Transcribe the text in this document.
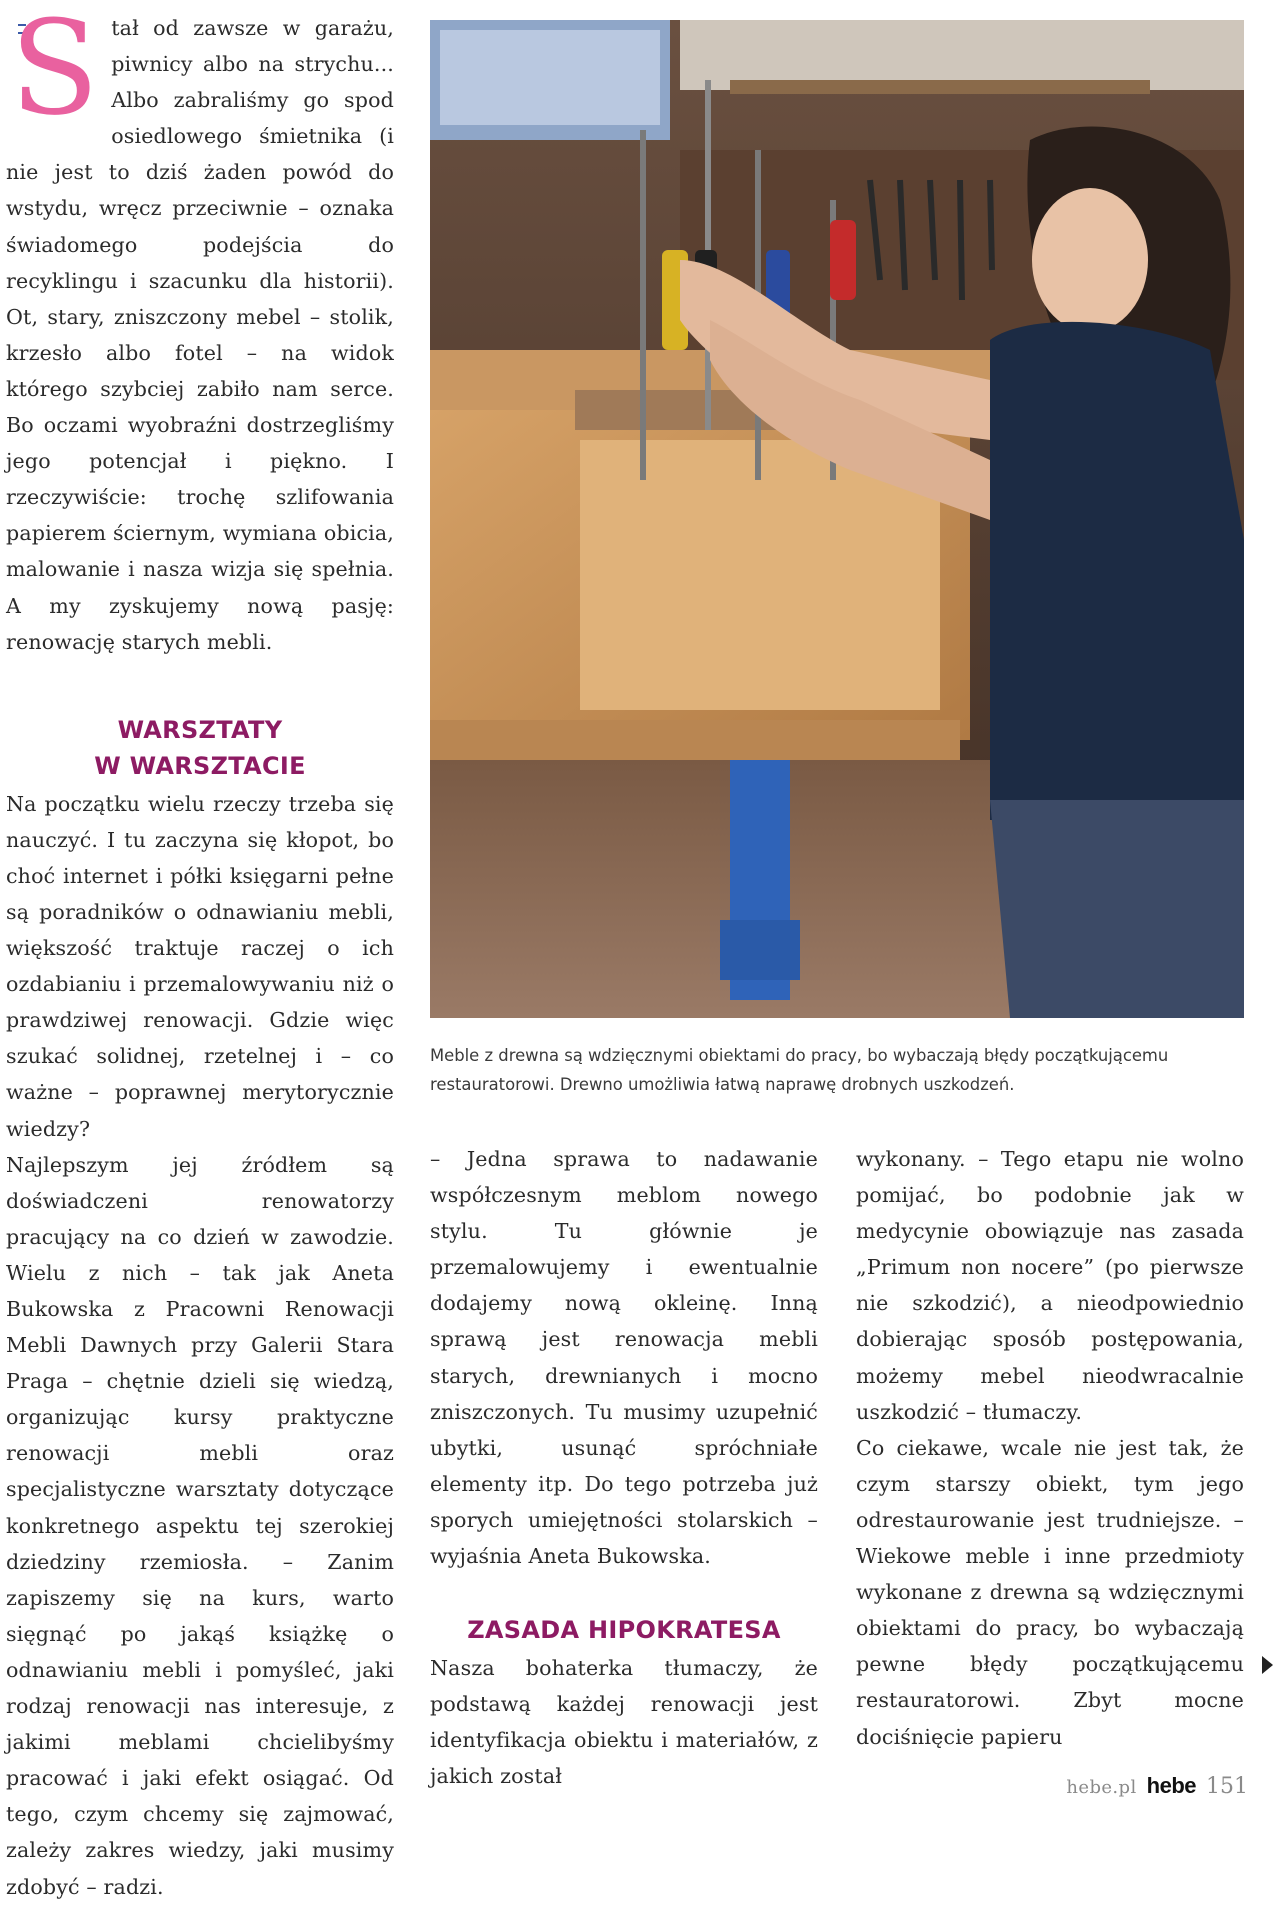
Stał od zawsze w garażu, piwnicy albo na strychu... Albo zabraliśmy go spod osiedlowego śmietnika (i nie jest to dziś żaden powód do wstydu, wręcz przeciwnie – oznaka świadomego podejścia do recyklingu i szacunku dla historii). Ot, stary, zniszczony mebel – stolik, krzesło albo fotel – na widok którego szybciej zabiło nam serce. Bo oczami wyobraźni dostrzegliśmy jego potencjał i piękno. I rzeczywiście: trochę szlifowania papierem ściernym, wymiana obicia, malowanie i nasza wizja się spełnia. A my zyskujemy nową pasję: renowację starych mebli.

WARSZTATY
W WARSZTACIE

Na początku wielu rzeczy trzeba się nauczyć. I tu zaczyna się kłopot, bo choć internet i półki księgarni pełne są poradników o odnawianiu mebli, większość traktuje raczej o ich ozdabianiu i przemalowywaniu niż o prawdziwej renowacji. Gdzie więc szukać solidnej, rzetelnej i – co ważne – poprawnej merytorycznie wiedzy?

Najlepszym jej źródłem są doświadczeni renowatorzy pracujący na co dzień w zawodzie. Wielu z nich – tak jak Aneta Bukowska z Pracowni Renowacji Mebli Dawnych przy Galerii Stara Praga – chętnie dzieli się wiedzą, organizując kursy praktyczne renowacji mebli oraz specjalistyczne warsztaty dotyczące konkretnego aspektu tej szerokiej dziedziny rzemiosła. – Zanim zapiszemy się na kurs, warto sięgnąć po jakąś książkę o odnawianiu mebli i pomyśleć, jaki rodzaj renowacji nas interesuje, z jakimi meblami chcielibyśmy pracować i jaki efekt osiągać. Od tego, czym chcemy się zajmować, zależy zakres wiedzy, jaki musimy zdobyć – radzi.

Meble z drewna są wdzięcznymi obiektami do pracy, bo wybaczają błędy początkującemu restauratorowi. Drewno umożliwia łatwą naprawę drobnych uszkodzeń.

– Jedna sprawa to nadawanie współczesnym meblom nowego stylu. Tu głównie je przemalowujemy i ewentualnie dodajemy nową okleinę. Inną sprawą jest renowacja mebli starych, drewnianych i mocno zniszczonych. Tu musimy uzupełnić ubytki, usunąć spróchniałe elementy itp. Do tego potrzeba już sporych umiejętności stolarskich – wyjaśnia Aneta Bukowska.

ZASADA HIPOKRATESA

Nasza bohaterka tłumaczy, że podstawą każdej renowacji jest identyfikacja obiektu i materiałów, z jakich został

wykonany. – Tego etapu nie wolno pomijać, bo podobnie jak w medycynie obowiązuje nas zasada „Primum non nocere” (po pierwsze nie szkodzić), a nieodpowiednio dobierając sposób postępowania, możemy mebel nieodwracalnie uszkodzić – tłumaczy.

Co ciekawe, wcale nie jest tak, że czym starszy obiekt, tym jego odrestaurowanie jest trudniejsze. – Wiekowe meble i inne przedmioty wykonane z drewna są wdzięcznymi obiektami do pracy, bo wybaczają pewne błędy początkującemu restauratorowi. Zbyt mocne dociśnięcie papieru

hebe.pl hebe 151
